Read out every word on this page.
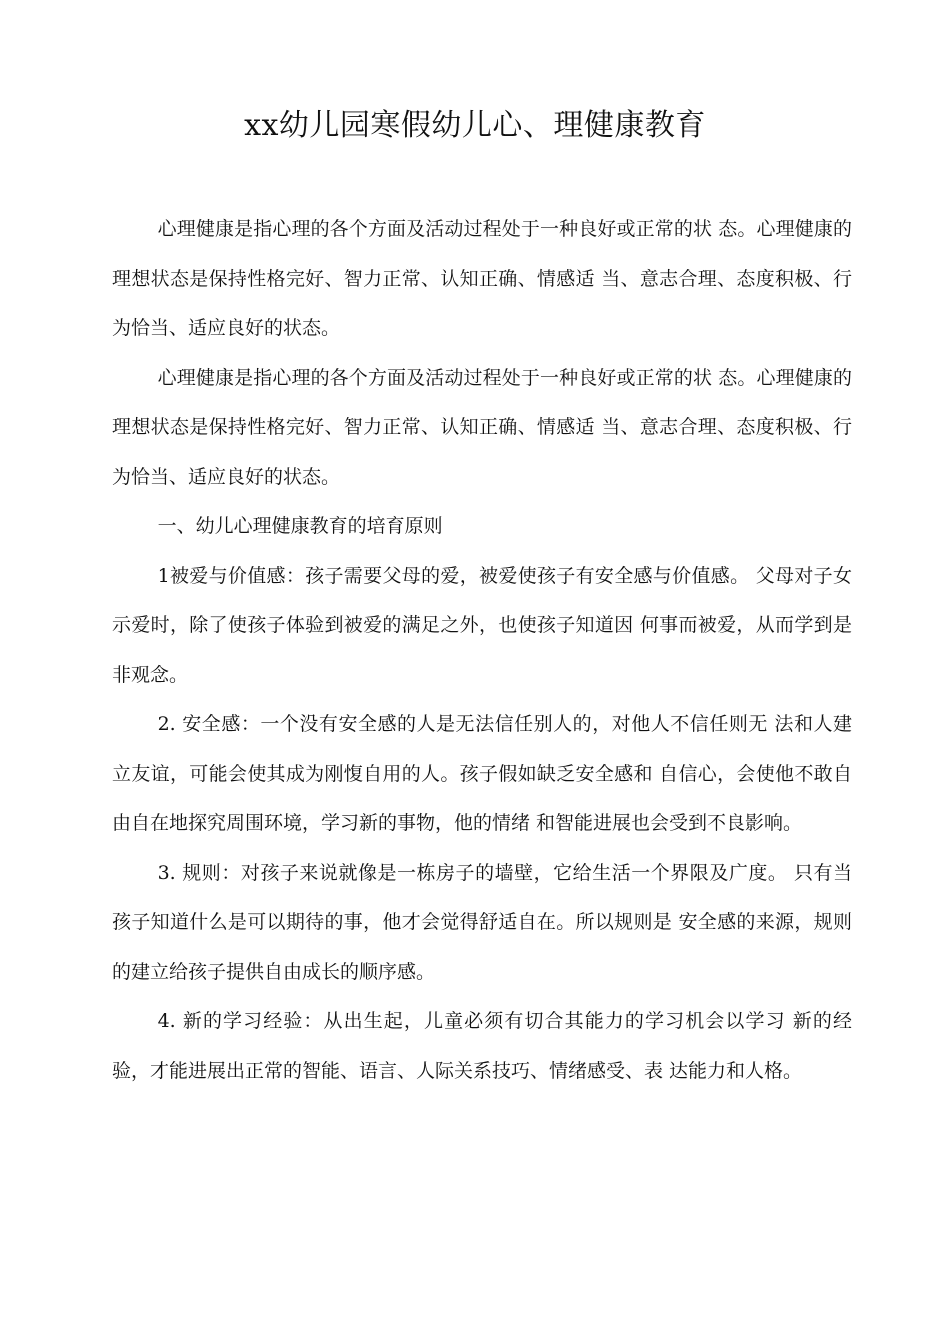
xx幼儿园寒假幼儿心、理健康教育

心理健康是指心理的各个方面及活动过程处于一种良好或正常的状 态。心理健康的理想状态是保持性格完好、智力正常、认知正确、情感适 当、意志合理、态度积极、行为恰当、适应良好的状态。

心理健康是指心理的各个方面及活动过程处于一种良好或正常的状 态。心理健康的理想状态是保持性格完好、智力正常、认知正确、情感适 当、意志合理、态度积极、行为恰当、适应良好的状态。

一、幼儿心理健康教育的培育原则

1被爱与价值感：孩子需要父母的爱，被爱使孩子有安全感与价值感。 父母对子女示爱时，除了使孩子体验到被爱的满足之外，也使孩子知道因 何事而被爱，从而学到是非观念。

2. 安全感：一个没有安全感的人是无法信任别人的，对他人不信任则无 法和人建立友谊，可能会使其成为刚愎自用的人。孩子假如缺乏安全感和 自信心，会使他不敢自由自在地探究周围环境，学习新的事物，他的情绪 和智能进展也会受到不良影响。

3. 规则：对孩子来说就像是一栋房子的墙壁，它给生活一个界限及广度。 只有当孩子知道什么是可以期待的事，他才会觉得舒适自在。所以规则是 安全感的来源，规则的建立给孩子提供自由成长的顺序感。

4. 新的学习经验：从出生起，儿童必须有切合其能力的学习机会以学习 新的经验，才能进展出正常的智能、语言、人际关系技巧、情绪感受、表 达能力和人格。
